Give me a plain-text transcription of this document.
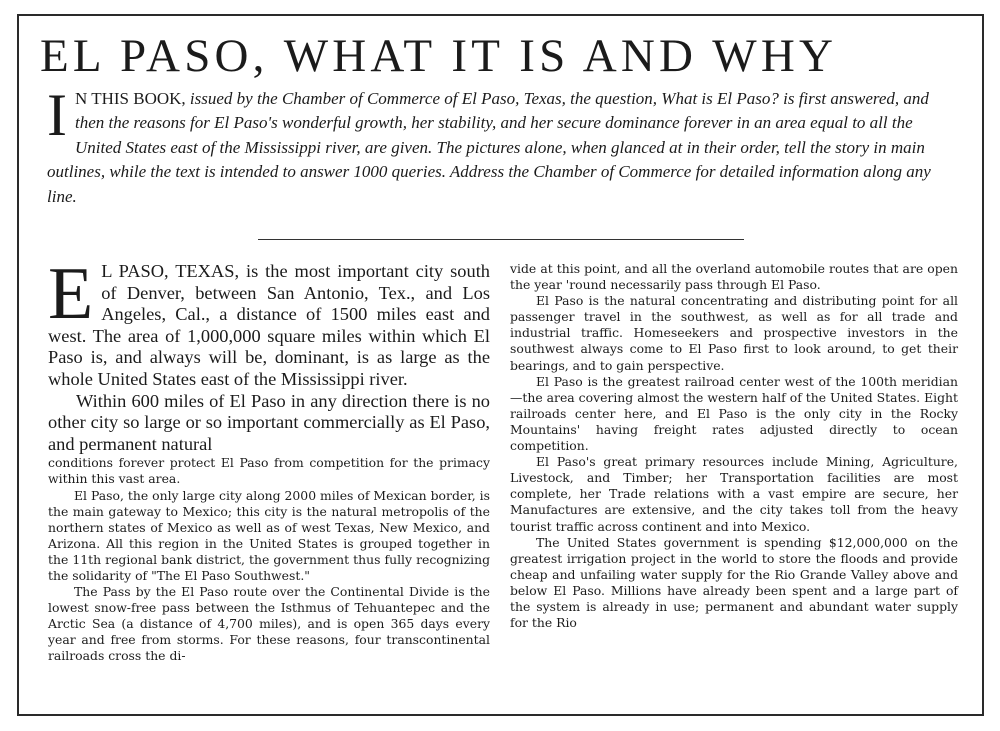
EL PASO, WHAT IT IS AND WHY

I N THIS BOOK, issued by the Chamber of Commerce of El Paso, Texas, the question, What is El Paso? is first answered, and then the reasons for El Paso's wonderful growth, her stability, and her secure dominance forever in an area equal to all the United States east of the Mississippi river, are given. The pictures alone, when glanced at in their order, tell the story in main outlines, while the text is intended to answer 1000 queries. Address the Chamber of Commerce for detailed information along any line.

E L PASO, TEXAS, is the most important city south of Denver, between San Antonio, Tex., and Los Angeles, Cal., a distance of 1500 miles east and west. The area of 1,000,000 square miles within which El Paso is, and always will be, dominant, is as large as the whole United States east of the Mississippi river.

Within 600 miles of El Paso in any direction there is no other city so large or so important commercially as El Paso, and permanent natural

conditions forever protect El Paso from competition for the primacy within this vast area.

El Paso, the only large city along 2000 miles of Mexican border, is the main gateway to Mexico; this city is the natural metropolis of the northern states of Mexico as well as of west Texas, New Mexico, and Arizona. All this region in the United States is grouped together in the 11th regional bank district, the government thus fully recognizing the solidarity of "The El Paso Southwest."

The Pass by the El Paso route over the Continental Divide is the lowest snow-free pass between the Isthmus of Tehuantepec and the Arctic Sea (a distance of 4,700 miles), and is open 365 days every year and free from storms. For these reasons, four transcontinental railroads cross the di-

vide at this point, and all the overland automobile routes that are open the year 'round necessarily pass through El Paso.

El Paso is the natural concentrating and distributing point for all passenger travel in the southwest, as well as for all trade and industrial traffic. Homeseekers and prospective investors in the southwest always come to El Paso first to look around, to get their bearings, and to gain perspective.

El Paso is the greatest railroad center west of the 100th meridian—the area covering almost the western half of the United States. Eight railroads center here, and El Paso is the only city in the Rocky Mountains' having freight rates adjusted directly to ocean competition.

El Paso's great primary resources include Mining, Agriculture, Livestock, and Timber; her Transportation facilities are most complete, her Trade relations with a vast empire are secure, her Manufactures are extensive, and the city takes toll from the heavy tourist traffic across continent and into Mexico.

The United States government is spending $12,000,000 on the greatest irrigation project in the world to store the floods and provide cheap and unfailing water supply for the Rio Grande Valley above and below El Paso. Millions have already been spent and a large part of the system is already in use; permanent and abundant water supply for the Rio
